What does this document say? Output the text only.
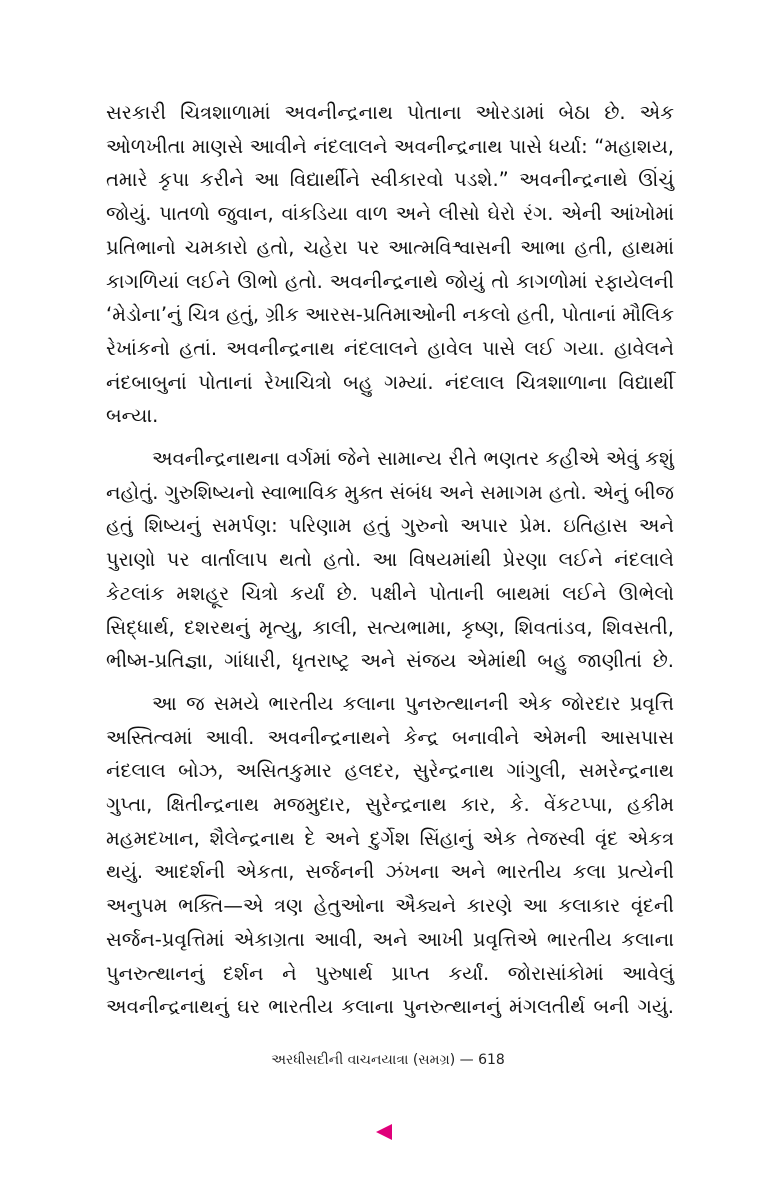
સરકારી ચિત્રશાળામાં અવનીન્દ્રનાથ પોતાના ઓરડામાં બેઠા છે. એક ઓળખીતા માણસે આવીને નંદલાલને અવનીન્દ્રનાથ પાસે ધર્યા: “મહાશય, તમારે કૃપા કરીને આ વિદ્યાર્થીને સ્વીકારવો પડશે.” અવનીન્દ્રનાથે ઊંચું જોયું. પાતળો જુવાન, વાંકડિયા વાળ અને લીસો ઘેરો રંગ. એની આંખોમાં પ્રતિભાનો ચમકારો હતો, ચહેરા પર આત્મવિશ્વાસની આભા હતી, હાથમાં કાગળિયાં લઈને ઊભો હતો. અવનીન્દ્રનાથે જોયું તો કાગળોમાં રફાયેલની ‘મેડોના’નું ચિત્ર હતું, ગ્રીક આરસ-પ્રતિમાઓની નકલો હતી, પોતાનાં મૌલિક રેખાંકનો હતાં. અવનીન્દ્રનાથ નંદલાલને હાવેલ પાસે લઈ ગયા. હાવેલને નંદબાબુનાં પોતાનાં રેખાચિત્રો બહુ ગમ્યાં. નંદલાલ ચિત્રશાળાના વિદ્યાર્થી બન્યા.

અવનીન્દ્રનાથના વર્ગમાં જેને સામાન્ય રીતે ભણતર કહીએ એવું કશું નહોતું. ગુરુશિષ્યનો સ્વાભાવિક મુક્ત સંબંધ અને સમાગમ હતો. એનું બીજ હતું શિષ્યનું સમર્પણ: પરિણામ હતું ગુરુનો અપાર પ્રેમ. ઇતિહાસ અને પુરાણો પર વાર્તાલાપ થતો હતો. આ વિષયમાંથી પ્રેરણા લઈને નંદલાલે કેટલાંક મશહૂર ચિત્રો કર્યાં છે. પક્ષીને પોતાની બાથમાં લઈને ઊભેલો સિદ્ધાર્થ, દશરથનું મૃત્યુ, કાલી, સત્યભામા, કૃષ્ણ, શિવતાંડવ, શિવસતી, ભીષ્મ-પ્રતિજ્ઞા, ગાંધારી, ધૃતરાષ્ટ્ર અને સંજય એમાંથી બહુ જાણીતાં છે.

આ જ સમયે ભારતીય કલાના પુનરુત્થાનની એક જોરદાર પ્રવૃત્તિ અસ્તિત્વમાં આવી. અવનીન્દ્રનાથને કેન્દ્ર બનાવીને એમની આસપાસ નંદલાલ બોઝ, અસિતકુમાર હલદર, સુરેન્દ્રનાથ ગાંગુલી, સમરેન્દ્રનાથ ગુપ્તા, ક્ષિતીન્દ્રનાથ મજમુદાર, સુરેન્દ્રનાથ કાર, કે. વેંકટપ્પા, હકીમ મહમદખાન, શૈલેન્દ્રનાથ દે અને દુર્ગેશ સિંહાનું એક તેજસ્વી વૃંદ એકત્ર થયું. આદર્શની એકતા, સર્જનની ઝંખના અને ભારતીય કલા પ્રત્યેની અનુપમ ભક્તિ—એ ત્રણ હેતુઓના ઐક્યને કારણે આ કલાકાર વૃંદની સર્જન-પ્રવૃત્તિમાં એકાગ્રતા આવી, અને આખી પ્રવૃત્તિએ ભારતીય કલાના પુનરુત્થાનનું દર્શન ને પુરુષાર્થ પ્રાપ્ત કર્યાં. જોરાસાંકોમાં આવેલું અવનીન્દ્રનાથનું ઘર ભારતીય કલાના પુનરુત્થાનનું મંગલતીર્થ બની ગયું.

અરધીસદીની વાચનયાત્રા (સમગ્ર) — 618
